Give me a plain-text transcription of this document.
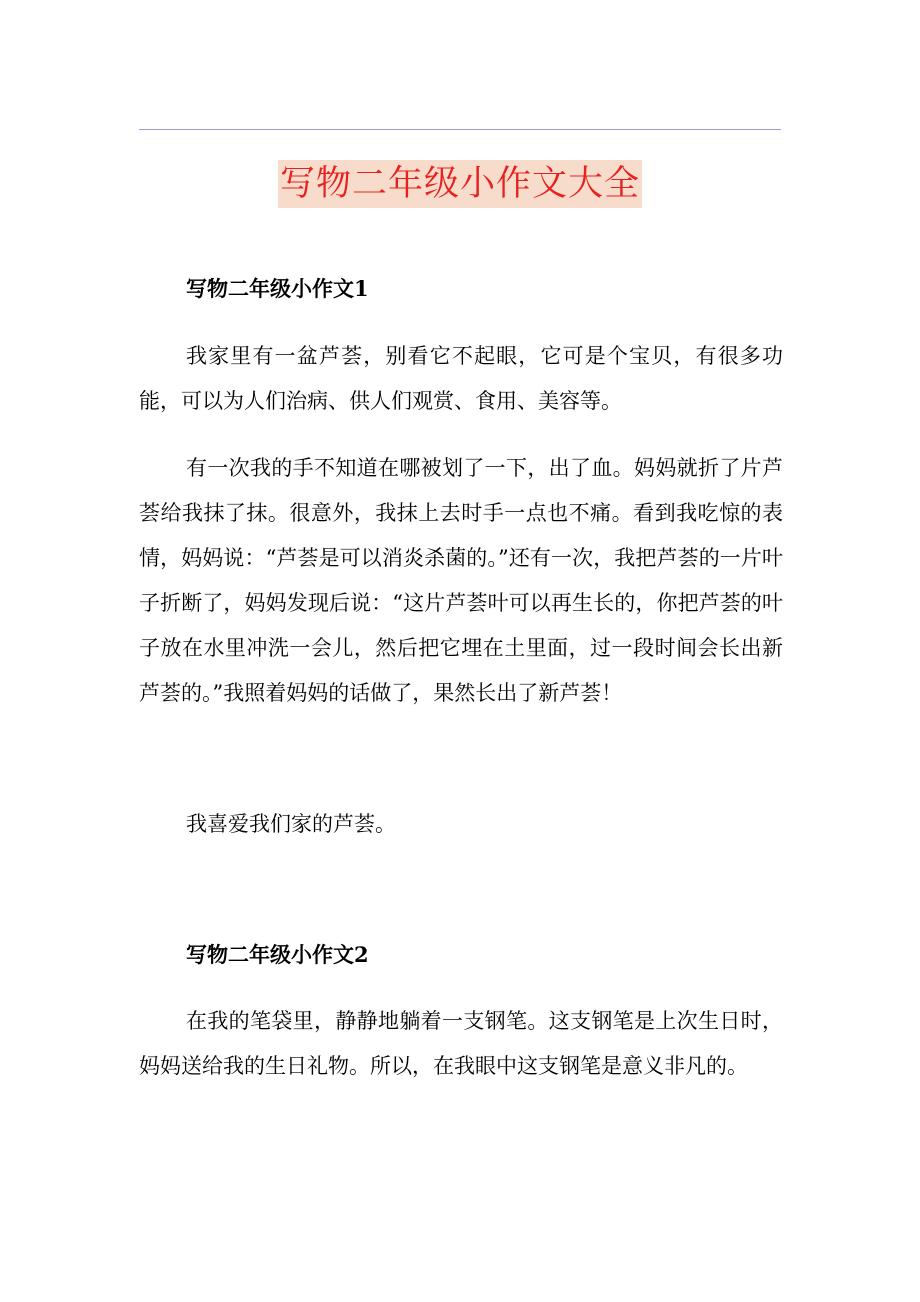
写物二年级小作文大全
写物二年级小作文1
我家里有一盆芦荟，别看它不起眼，它可是个宝贝，有很多功能，可以为人们治病、供人们观赏、食用、美容等。
有一次我的手不知道在哪被划了一下，出了血。妈妈就折了片芦荟给我抹了抹。很意外，我抹上去时手一点也不痛。看到我吃惊的表情，妈妈说：“芦荟是可以消炎杀菌的。”还有一次，我把芦荟的一片叶子折断了，妈妈发现后说：“这片芦荟叶可以再生长的，你把芦荟的叶子放在水里冲洗一会儿，然后把它埋在土里面，过一段时间会长出新芦荟的。”我照着妈妈的话做了，果然长出了新芦荟！
我喜爱我们家的芦荟。
写物二年级小作文2
在我的笔袋里，静静地躺着一支钢笔。这支钢笔是上次生日时，妈妈送给我的生日礼物。所以，在我眼中这支钢笔是意义非凡的。
